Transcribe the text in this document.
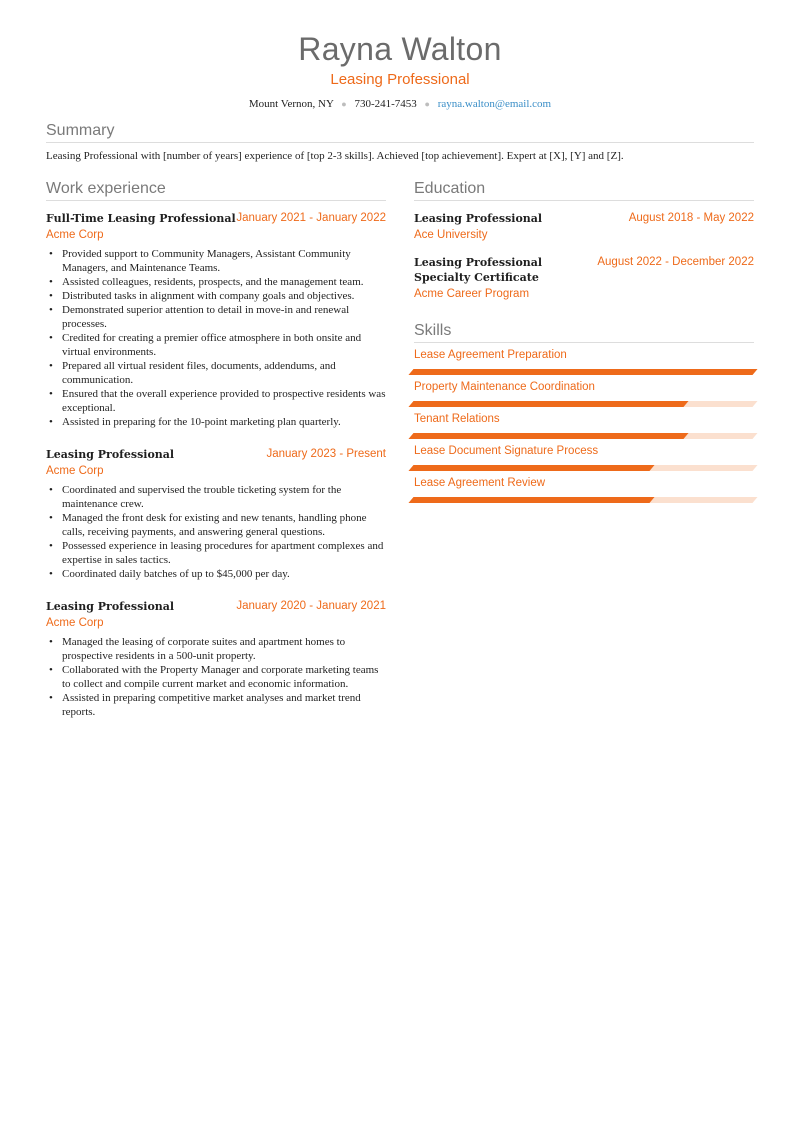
Rayna Walton
Leasing Professional
Mount Vernon, NY ● 730-241-7453 ● rayna.walton@email.com
Summary

Leasing Professional with [number of years] experience of [top 2-3 skills]. Achieved [top achievement]. Expert at [X], [Y] and [Z].

Work experience
Full-Time Leasing Professional January 2021 - January 2022
Acme Corp
• Provided support to Community Managers, Assistant Community Managers, and Maintenance Teams.
• Assisted colleagues, residents, prospects, and the management team.
• Distributed tasks in alignment with company goals and objectives.
• Demonstrated superior attention to detail in move-in and renewal processes.
• Credited for creating a premier office atmosphere in both onsite and virtual environments.
• Prepared all virtual resident files, documents, addendums, and communication.
• Ensured that the overall experience provided to prospective residents was exceptional.
• Assisted in preparing for the 10-point marketing plan quarterly.
Leasing Professional	January 2023 - Present
Acme Corp
• Coordinated and supervised the trouble ticketing system for the maintenance crew.
• Managed the front desk for existing and new tenants, handling phone calls, receiving payments, and answering general questions.
• Possessed experience in leasing procedures for apartment complexes and expertise in sales tactics.
• Coordinated daily batches of up to $45,000 per day.
Leasing Professional	January 2020 - January 2021
Acme Corp
• Managed the leasing of corporate suites and apartment homes to prospective residents in a 500-unit property.
• Collaborated with the Property Manager and corporate marketing teams to collect and compile current market and economic information.
• Assisted in preparing competitive market analyses and market trend reports.
Education
Leasing Professional	August 2018 - May 2022
Ace University
Leasing Professional Specialty Certificate
August 2022 - December 2022
Acme Career Program
Skills
Lease Agreement Preparation
Property Maintenance Coordination
Tenant Relations
Lease Document Signature Process
Lease Agreement Review
